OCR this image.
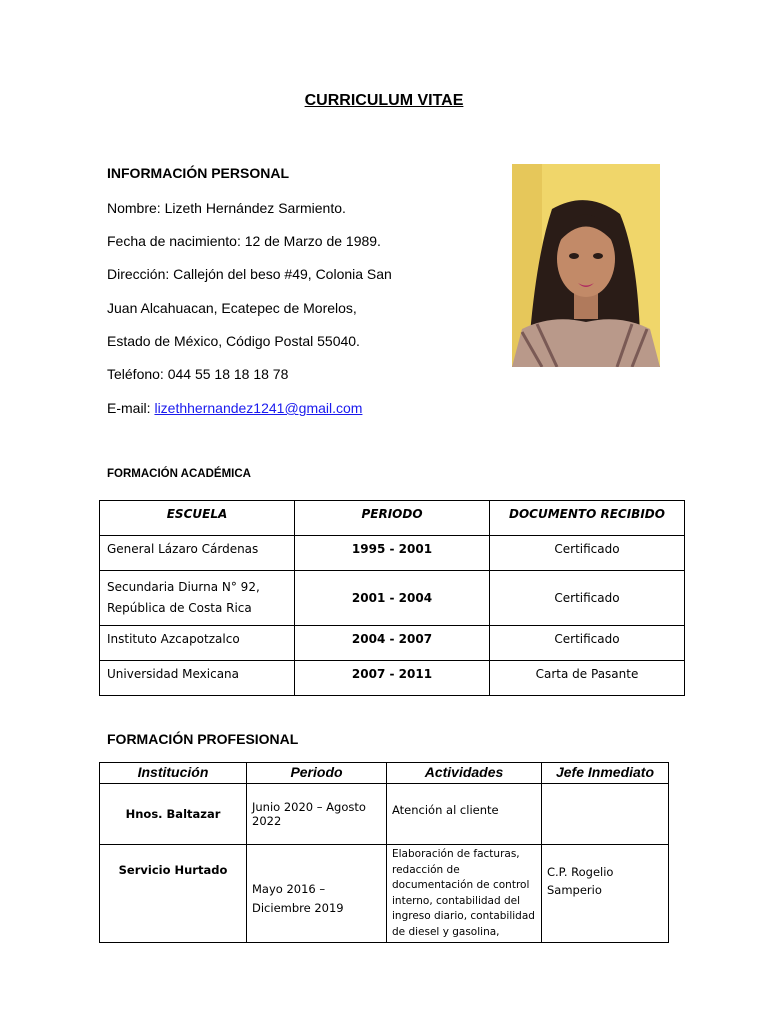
CURRICULUM VITAE
INFORMACIÓN PERSONAL
Nombre: Lizeth Hernández Sarmiento.
Fecha de nacimiento: 12 de Marzo de 1989.
Dirección: Callejón del beso #49, Colonia San
Juan Alcahuacan, Ecatepec de Morelos,
Estado de México, Código Postal 55040.
Teléfono: 044 55 18 18 18 78
E-mail: lizethhernandez1241@gmail.com
FORMACIÓN ACADÉMICA
ESCUELA	PERIODO	DOCUMENTO RECIBIDO
General Lázaro Cárdenas	1995 - 2001	Certificado
Secundaria Diurna N° 92, República de Costa Rica	2001 - 2004	Certificado
Instituto Azcapotzalco	2004 - 2007	Certificado
Universidad Mexicana	2007 - 2011	Carta de Pasante
FORMACIÓN PROFESIONAL
Institución	Periodo	Actividades	Jefe Inmediato
Hnos. Baltazar	Junio 2020 – Agosto 2022	Atención al cliente	
Servicio Hurtado	Mayo 2016 – Diciembre 2019	Elaboración de facturas, redacción de documentación de control interno, contabilidad del ingreso diario, contabilidad de diesel y gasolina,	C.P. Rogelio Samperio
